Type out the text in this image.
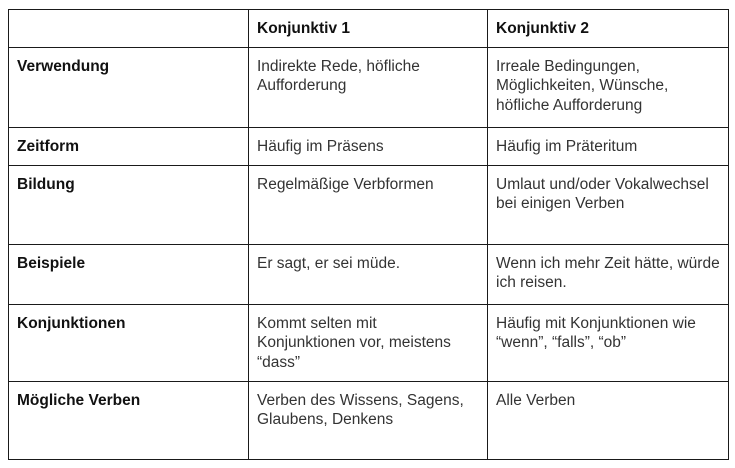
	Konjunktiv 1	Konjunktiv 2
Verwendung	Indirekte Rede, höfliche Aufforderung	Irreale Bedingungen, Möglichkeiten, Wünsche, höfliche Aufforderung
Zeitform	Häufig im Präsens	Häufig im Präteritum
Bildung	Regelmäßige Verbformen	Umlaut und/oder Vokalwechsel bei einigen Verben
Beispiele	Er sagt, er sei müde.	Wenn ich mehr Zeit hätte, würde ich reisen.
Konjunktionen	Kommt selten mit Konjunktionen vor, meistens “dass”	Häufig mit Konjunktionen wie “wenn”, “falls”, “ob”
Mögliche Verben	Verben des Wissens, Sagens, Glaubens, Denkens	Alle Verben
